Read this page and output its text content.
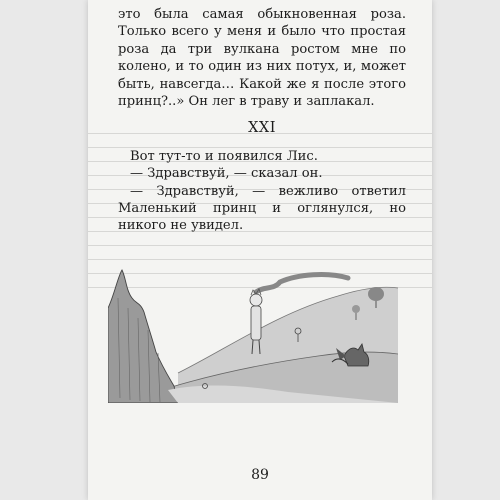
это была самая обыкновенная роза. Только всего у меня и было что простая роза да три вулкана ростом мне по колено, и то один из них потух, и, может быть, навсегда… Какой же я после этого принц?..» Он лег в траву и заплакал.

XXI

Вот тут-то и появился Лис.

— Здравствуй, — сказал он.

— Здравствуй, — вежливо ответил Маленький принц и оглянулся, но никого не увидел.

89
